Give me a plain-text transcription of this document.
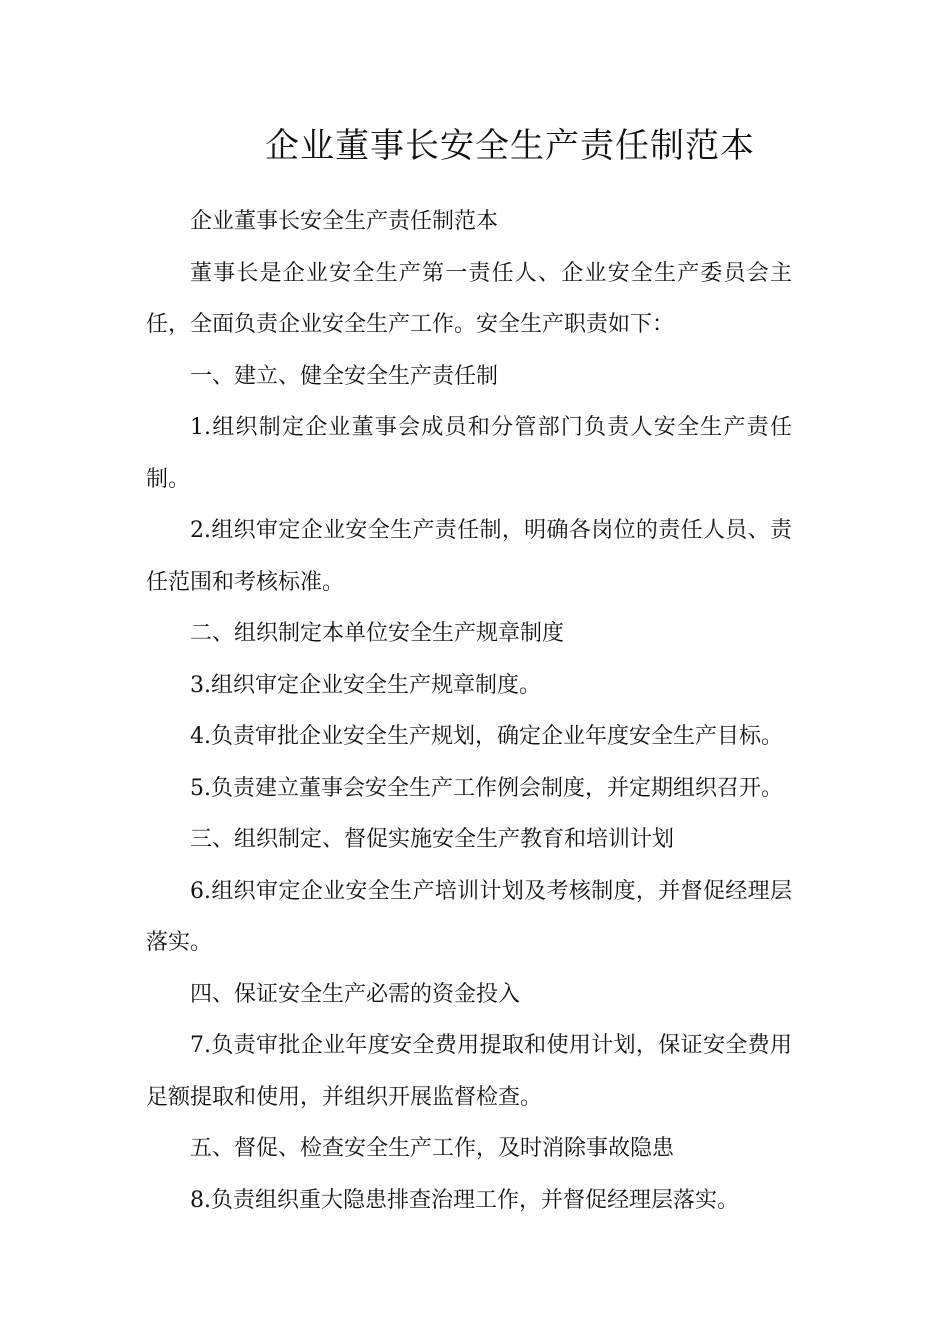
企业董事长安全生产责任制范本

企业董事长安全生产责任制范本

董事长是企业安全生产第一责任人、企业安全生产委员会主任，全面负责企业安全生产工作。安全生产职责如下：

一、建立、健全安全生产责任制

1.组织制定企业董事会成员和分管部门负责人安全生产责任制。

2.组织审定企业安全生产责任制，明确各岗位的责任人员、责任范围和考核标准。

二、组织制定本单位安全生产规章制度

3.组织审定企业安全生产规章制度。

4.负责审批企业安全生产规划，确定企业年度安全生产目标。

5.负责建立董事会安全生产工作例会制度，并定期组织召开。

三、组织制定、督促实施安全生产教育和培训计划

6.组织审定企业安全生产培训计划及考核制度，并督促经理层落实。

四、保证安全生产必需的资金投入

7.负责审批企业年度安全费用提取和使用计划，保证安全费用足额提取和使用，并组织开展监督检查。

五、督促、检查安全生产工作，及时消除事故隐患

8.负责组织重大隐患排查治理工作，并督促经理层落实。
